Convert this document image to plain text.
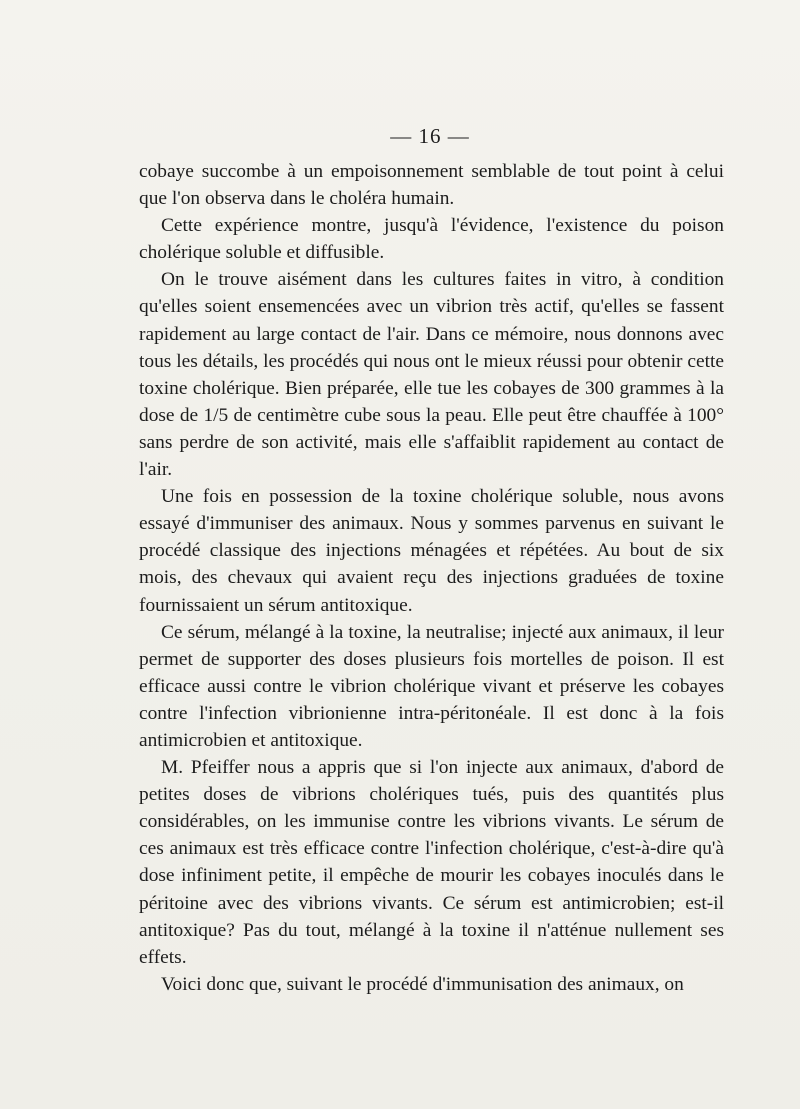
— 16 —

cobaye succombe à un empoisonnement semblable de tout point à celui que l'on observa dans le choléra humain.

Cette expérience montre, jusqu'à l'évidence, l'existence du poison cholérique soluble et diffusible.

On le trouve aisément dans les cultures faites in vitro, à condition qu'elles soient ensemencées avec un vibrion très actif, qu'elles se fassent rapidement au large contact de l'air. Dans ce mémoire, nous donnons avec tous les détails, les procédés qui nous ont le mieux réussi pour obtenir cette toxine cholérique. Bien préparée, elle tue les cobayes de 300 grammes à la dose de 1/5 de centimètre cube sous la peau. Elle peut être chauffée à 100° sans perdre de son activité, mais elle s'affaiblit rapidement au contact de l'air.

Une fois en possession de la toxine cholérique soluble, nous avons essayé d'immuniser des animaux. Nous y sommes parvenus en suivant le procédé classique des injections ménagées et répétées. Au bout de six mois, des chevaux qui avaient reçu des injections graduées de toxine fournissaient un sérum antitoxique.

Ce sérum, mélangé à la toxine, la neutralise; injecté aux animaux, il leur permet de supporter des doses plusieurs fois mortelles de poison. Il est efficace aussi contre le vibrion cholérique vivant et préserve les cobayes contre l'infection vibrionienne intra-péritonéale. Il est donc à la fois antimicrobien et antitoxique.

M. Pfeiffer nous a appris que si l'on injecte aux animaux, d'abord de petites doses de vibrions cholériques tués, puis des quantités plus considérables, on les immunise contre les vibrions vivants. Le sérum de ces animaux est très efficace contre l'infection cholérique, c'est-à-dire qu'à dose infiniment petite, il empêche de mourir les cobayes inoculés dans le péritoine avec des vibrions vivants. Ce sérum est antimicrobien; est-il antitoxique? Pas du tout, mélangé à la toxine il n'atténue nullement ses effets.

Voici donc que, suivant le procédé d'immunisation des animaux, on
